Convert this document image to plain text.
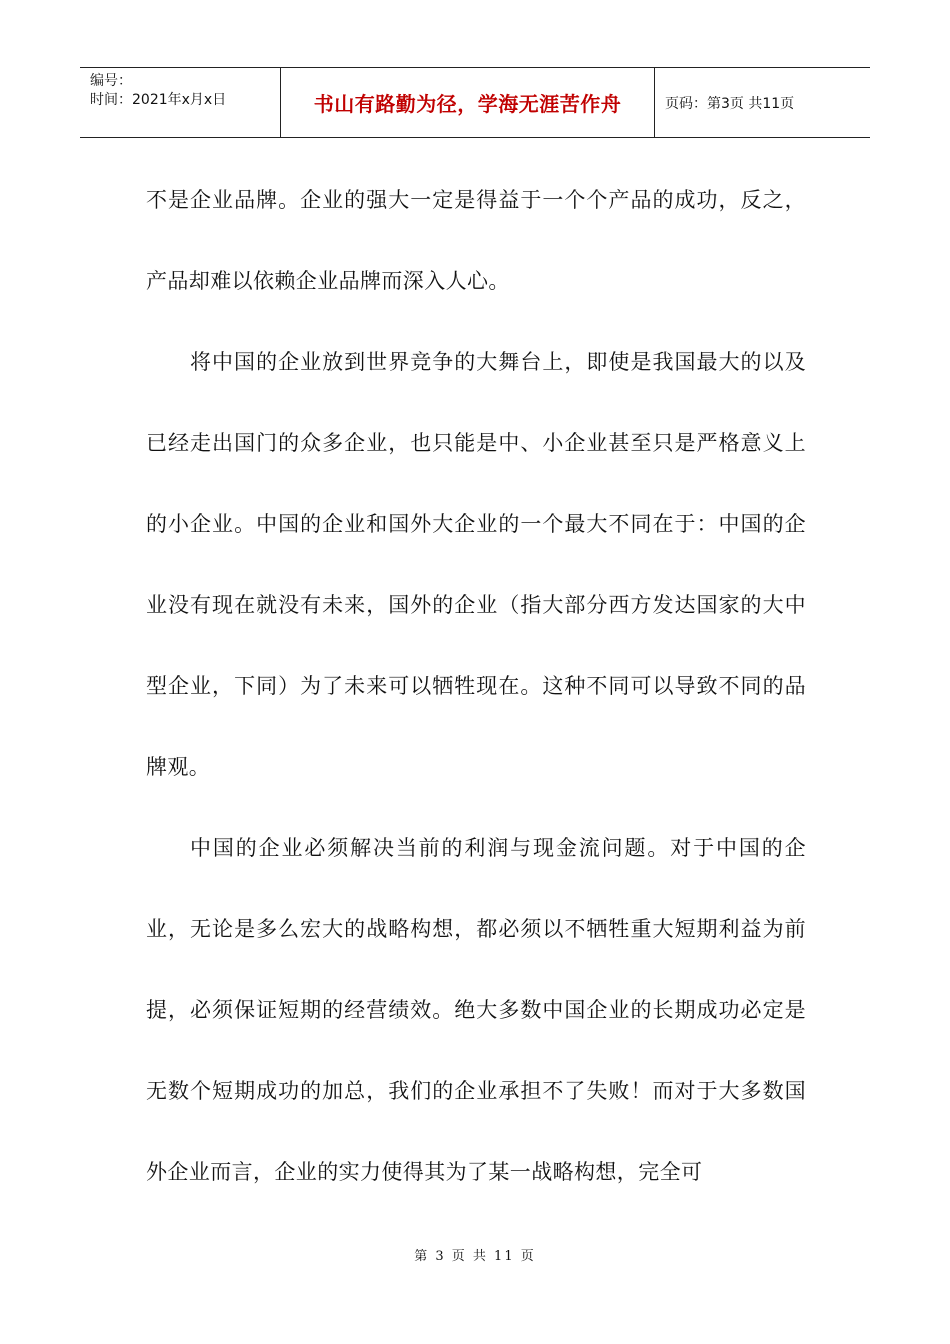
编号：
时间：2021年x月x日	书山有路勤为径，学海无涯苦作舟	页码：第3页 共11页

不是企业品牌。企业的强大一定是得益于一个个产品的成功，反之，产品却难以依赖企业品牌而深入人心。

将中国的企业放到世界竞争的大舞台上，即使是我国最大的以及已经走出国门的众多企业，也只能是中、小企业甚至只是严格意义上的小企业。中国的企业和国外大企业的一个最大不同在于：中国的企业没有现在就没有未来，国外的企业（指大部分西方发达国家的大中型企业，下同）为了未来可以牺牲现在。这种不同可以导致不同的品牌观。

中国的企业必须解决当前的利润与现金流问题。对于中国的企业，无论是多么宏大的战略构想，都必须以不牺牲重大短期利益为前提，必须保证短期的经营绩效。绝大多数中国企业的长期成功必定是无数个短期成功的加总，我们的企业承担不了失败！而对于大多数国外企业而言，企业的实力使得其为了某一战略构想，完全可

第 3 页 共 11 页
